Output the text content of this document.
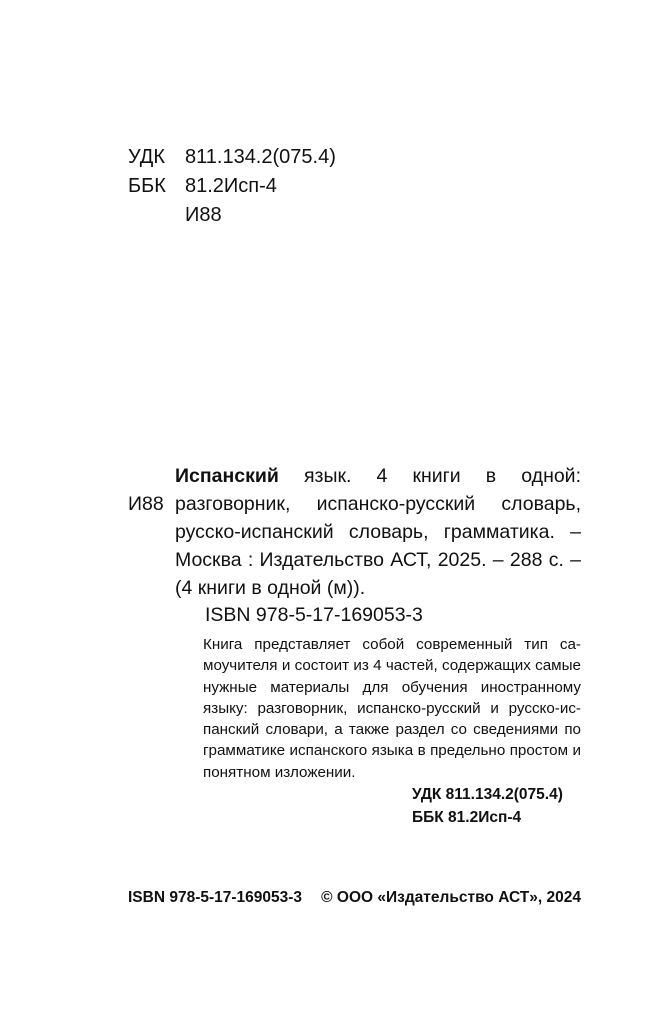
УДК 811.134.2(075.4)
ББК 81.2Исп-4
И88
И88
Испанский язык. 4 книги в одной:
разговорник, испанско-русский словарь,
русско-испанский словарь, грамматика. –
Москва : Издательство АСТ, 2025. – 288 с. –
(4 книги в одной (м)).
ISBN 978-5-17-169053-3
Книга представляет собой современный тип са-
моучителя и состоит из 4 частей, содержащих самые
нужные материалы для обучения иностранному
языку: разговорник, испанско-русский и русско-ис-
панский словари, а также раздел со сведениями по
грамматике испанского языка в предельно простом и
понятном изложении.
УДК 811.134.2(075.4)
ББК 81.2Исп-4
ISBN 978-5-17-169053-3 © ООО «Издательство АСТ», 2024
